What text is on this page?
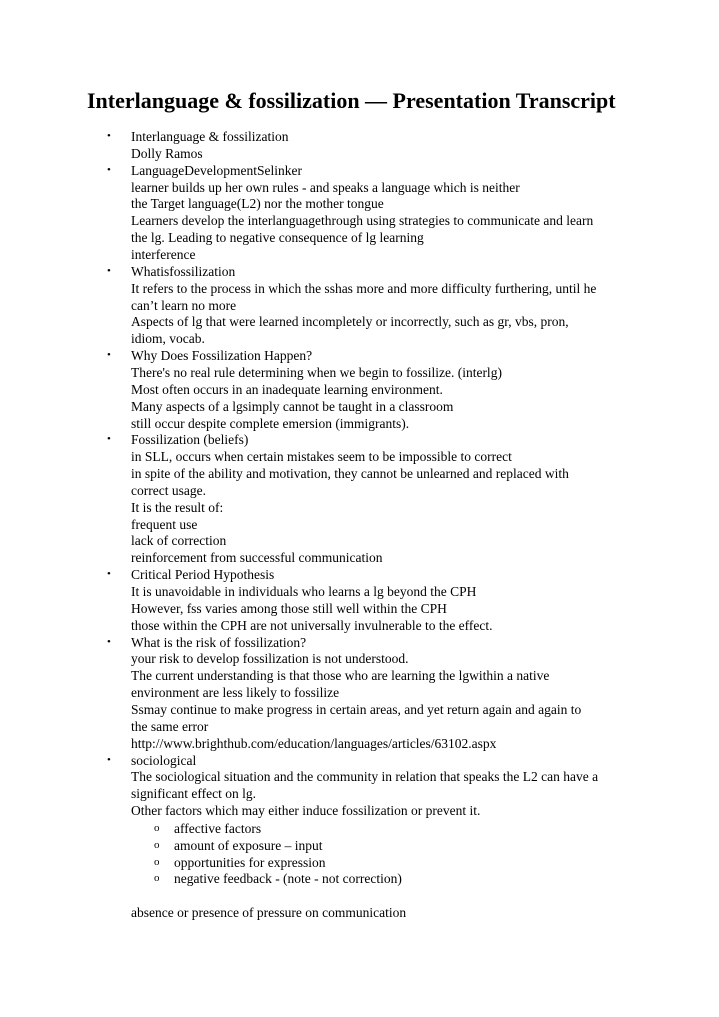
Interlanguage & fossilization — Presentation Transcript
• Interlanguage & fossilization
Dolly Ramos
• LanguageDevelopmentSelinker
learner builds up her own rules - and speaks a language which is neither
the Target language(L2) nor the mother tongue
Learners develop the interlanguagethrough using strategies to communicate and learn
the lg. Leading to negative consequence of lg learning
interference
• Whatisfossilization
It refers to the process in which the sshas more and more difficulty furthering, until he
can’t learn no more
Aspects of lg that were learned incompletely or incorrectly, such as gr, vbs, pron,
idiom, vocab.
• Why Does Fossilization Happen?
There's no real rule determining when we begin to fossilize. (interlg)
Most often occurs in an inadequate learning environment.
Many aspects of a lgsimply cannot be taught in a classroom
still occur despite complete emersion (immigrants).
• Fossilization (beliefs)
in SLL, occurs when certain mistakes seem to be impossible to correct
in spite of the ability and motivation, they cannot be unlearned and replaced with
correct usage.
It is the result of:
frequent use
lack of correction
reinforcement from successful communication
• Critical Period Hypothesis
It is unavoidable in individuals who learns a lg beyond the CPH
However, fss varies among those still well within the CPH
those within the CPH are not universally invulnerable to the effect.
• What is the risk of fossilization?
your risk to develop fossilization is not understood.
The current understanding is that those who are learning the lgwithin a native
environment are less likely to fossilize
Ssmay continue to make progress in certain areas, and yet return again and again to
the same error
http://www.brighthub.com/education/languages/articles/63102.aspx
• sociological
The sociological situation and the community in relation that speaks the L2 can have a
significant effect on lg.
Other factors which may either induce fossilization or prevent it.
o affective factors
o amount of exposure – input
o opportunities for expression
o negative feedback - (note - not correction)
absence or presence of pressure on communication
